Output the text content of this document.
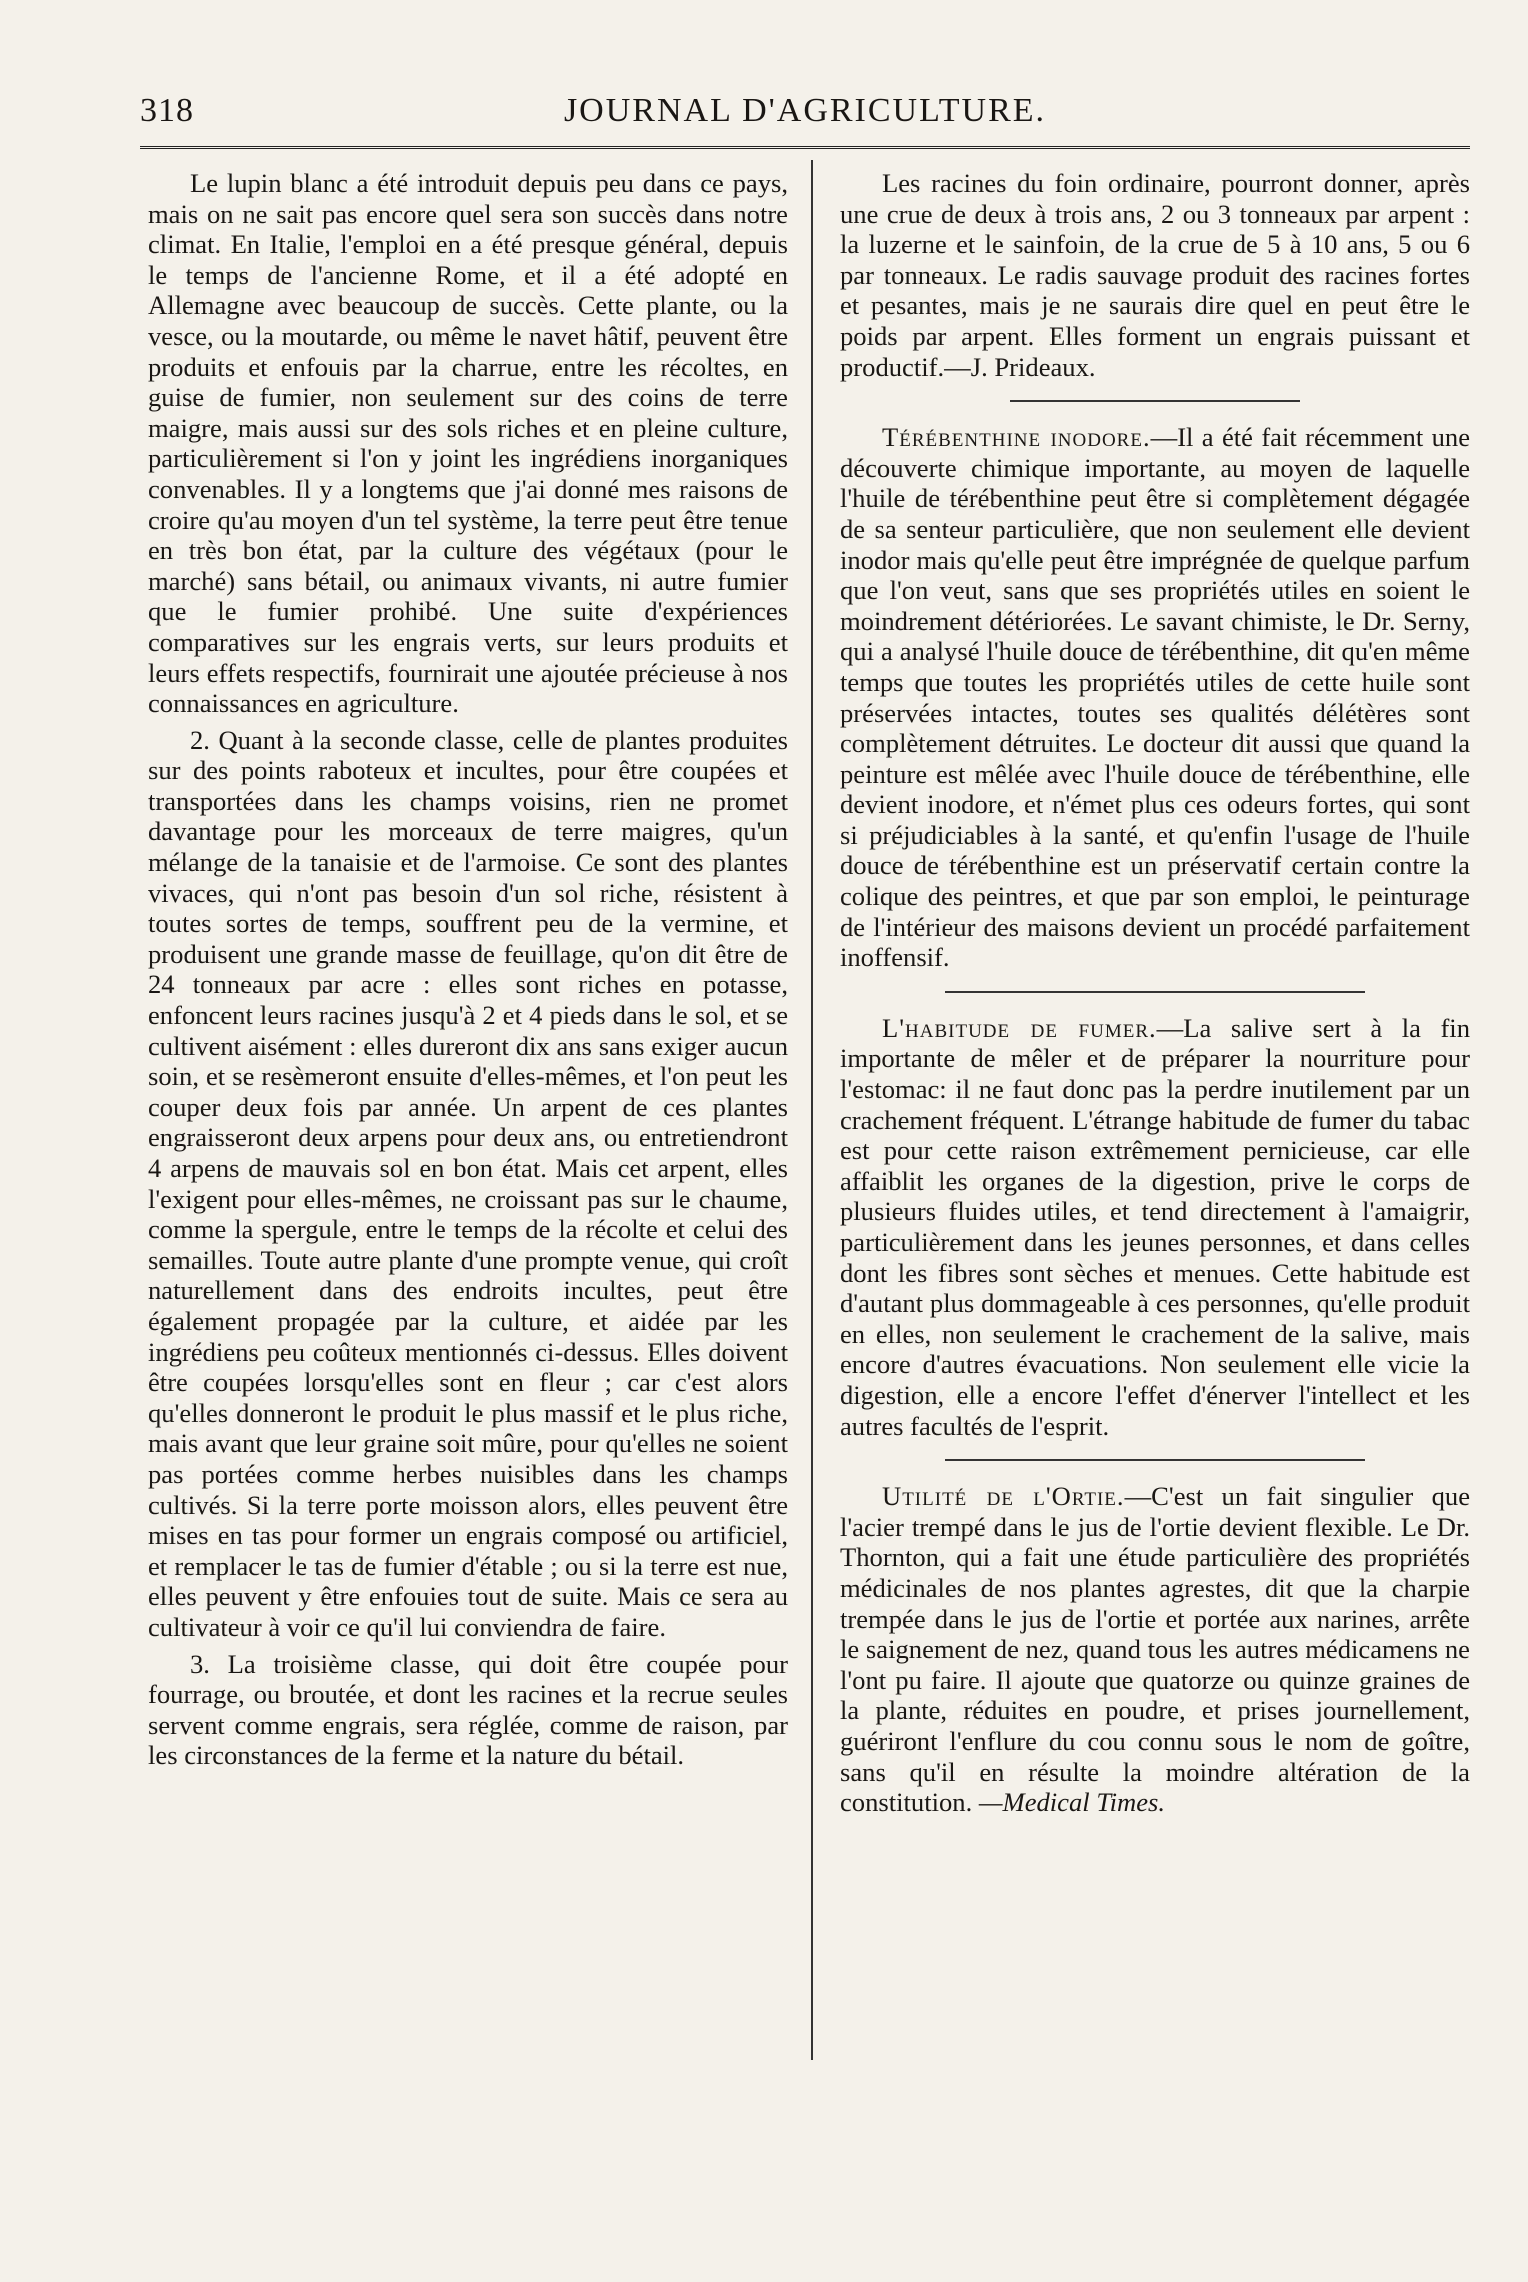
JOURNAL D'AGRICULTURE.
318

Le lupin blanc a été introduit depuis peu dans ce pays, mais on ne sait pas encore quel sera son succès dans notre climat. En Italie, l'emploi en a été presque général, depuis le temps de l'ancienne Rome, et il a été adopté en Allemagne avec beaucoup de succès. Cette plante, ou la vesce, ou la moutarde, ou même le navet hâtif, peuvent être produits et enfouis par la charrue, entre les récoltes, en guise de fumier, non seulement sur des coins de terre maigre, mais aussi sur des sols riches et en pleine culture, particulièrement si l'on y joint les ingrédiens inorganiques convenables. Il y a longtems que j'ai donné mes raisons de croire qu'au moyen d'un tel système, la terre peut être tenue en très bon état, par la culture des végétaux (pour le marché) sans bétail, ou animaux vivants, ni autre fumier que le fumier prohibé. Une suite d'expériences comparatives sur les engrais verts, sur leurs produits et leurs effets respectifs, fournirait une ajoutée précieuse à nos connaissances en agriculture.

2. Quant à la seconde classe, celle de plantes produites sur des points raboteux et incultes, pour être coupées et transportées dans les champs voisins, rien ne promet davantage pour les morceaux de terre maigres, qu'un mélange de la tanaisie et de l'armoise. Ce sont des plantes vivaces, qui n'ont pas besoin d'un sol riche, résistent à toutes sortes de temps, souffrent peu de la vermine, et produisent une grande masse de feuillage, qu'on dit être de 24 tonneaux par acre : elles sont riches en potasse, enfoncent leurs racines jusqu'à 2 et 4 pieds dans le sol, et se cultivent aisément : elles dureront dix ans sans exiger aucun soin, et se resèmeront ensuite d'elles-mêmes, et l'on peut les couper deux fois par année. Un arpent de ces plantes engraisseront deux arpens pour deux ans, ou entretiendront 4 arpens de mauvais sol en bon état. Mais cet arpent, elles l'exigent pour elles-mêmes, ne croissant pas sur le chaume, comme la spergule, entre le temps de la récolte et celui des semailles. Toute autre plante d'une prompte venue, qui croît naturellement dans des endroits incultes, peut être également propagée par la culture, et aidée par les ingrédiens peu coûteux mentionnés ci-dessus. Elles doivent être coupées lorsqu'elles sont en fleur ; car c'est alors qu'elles donneront le produit le plus massif et le plus riche, mais avant que leur graine soit mûre, pour qu'elles ne soient pas portées comme herbes nuisibles dans les champs cultivés. Si la terre porte moisson alors, elles peuvent être mises en tas pour former un engrais composé ou artificiel, et remplacer le tas de fumier d'étable ; ou si la terre est nue, elles peuvent y être enfouies tout de suite. Mais ce sera au cultivateur à voir ce qu'il lui conviendra de faire.

3. La troisième classe, qui doit être coupée pour fourrage, ou broutée, et dont les racines et la recrue seules servent comme engrais, sera réglée, comme de raison, par les circonstances de la ferme et la nature du bétail.

Les racines du foin ordinaire, pourront donner, après une crue de deux à trois ans, 2 ou 3 tonneaux par arpent : la luzerne et le sainfoin, de la crue de 5 à 10 ans, 5 ou 6 par tonneaux. Le radis sauvage produit des racines fortes et pesantes, mais je ne saurais dire quel en peut être le poids par arpent. Elles forment un engrais puissant et productif.—J. Prideaux.

Térébenthine inodore.—Il a été fait récemment une découverte chimique importante, au moyen de laquelle l'huile de térébenthine peut être si complètement dégagée de sa senteur particulière, que non seulement elle devient inodor mais qu'elle peut être imprégnée de quelque parfum que l'on veut, sans que ses propriétés utiles en soient le moindrement détériorées. Le savant chimiste, le Dr. Serny, qui a analysé l'huile douce de térébenthine, dit qu'en même temps que toutes les propriétés utiles de cette huile sont préservées intactes, toutes ses qualités délétères sont complètement détruites. Le docteur dit aussi que quand la peinture est mêlée avec l'huile douce de térébenthine, elle devient inodore, et n'émet plus ces odeurs fortes, qui sont si préjudiciables à la santé, et qu'enfin l'usage de l'huile douce de térébenthine est un préservatif certain contre la colique des peintres, et que par son emploi, le peinturage de l'intérieur des maisons devient un procédé parfaitement inoffensif.

L'habitude de fumer.—La salive sert à la fin importante de mêler et de préparer la nourriture pour l'estomac: il ne faut donc pas la perdre inutilement par un crachement fréquent. L'étrange habitude de fumer du tabac est pour cette raison extrêmement pernicieuse, car elle affaiblit les organes de la digestion, prive le corps de plusieurs fluides utiles, et tend directement à l'amaigrir, particulièrement dans les jeunes personnes, et dans celles dont les fibres sont sèches et menues. Cette habitude est d'autant plus dommageable à ces personnes, qu'elle produit en elles, non seulement le crachement de la salive, mais encore d'autres évacuations. Non seulement elle vicie la digestion, elle a encore l'effet d'énerver l'intellect et les autres facultés de l'esprit.

Utilité de l'Ortie.—C'est un fait singulier que l'acier trempé dans le jus de l'ortie devient flexible. Le Dr. Thornton, qui a fait une étude particulière des propriétés médicinales de nos plantes agrestes, dit que la charpie trempée dans le jus de l'ortie et portée aux narines, arrête le saignement de nez, quand tous les autres médicamens ne l'ont pu faire. Il ajoute que quatorze ou quinze graines de la plante, réduites en poudre, et prises journellement, guériront l'enflure du cou connu sous le nom de goître, sans qu'il en résulte la moindre altération de la constitution. —Medical Times.
